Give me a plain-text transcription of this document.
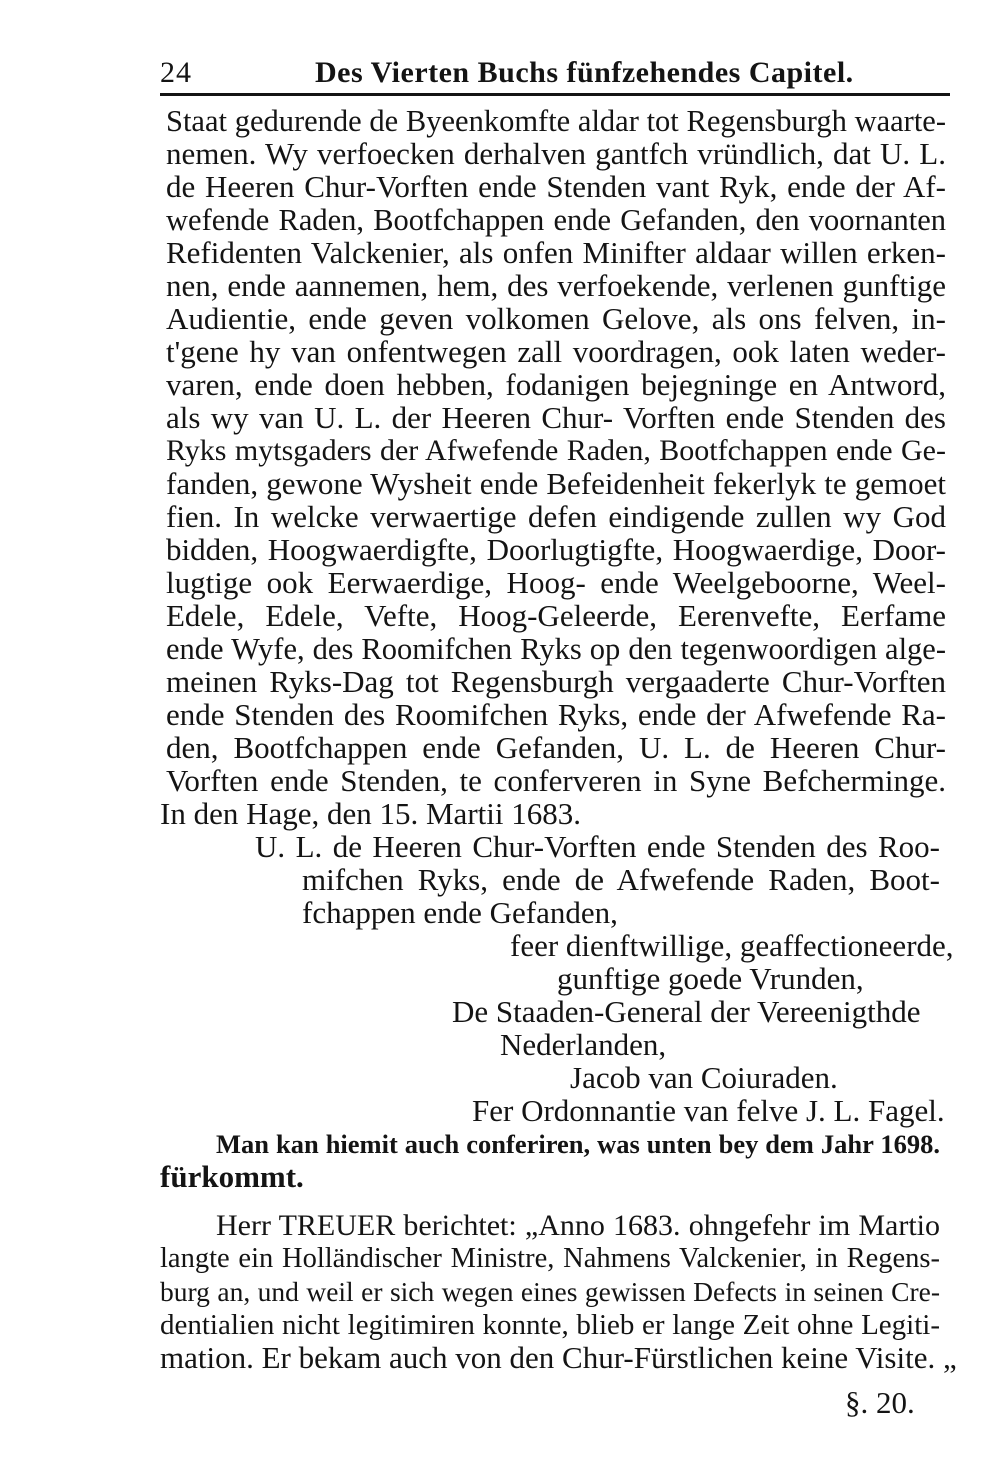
24	Des Vierten Buchs fünfzehendes Capitel.
Staat gedurende de Byeenkomfte aldar tot Regensburgh waarte-
nemen. Wy verfoecken derhalven gantfch vründlich, dat U. L.
de Heeren Chur-Vorften ende Stenden vant Ryk, ende der Af-
wefende Raden, Bootfchappen ende Gefanden, den voornanten
Refidenten Valckenier, als onfen Minifter aldaar willen erken-
nen, ende aannemen, hem, des verfoekende, verlenen gunftige
Audientie, ende geven volkomen Gelove, als ons felven, in-
t'gene hy van onfentwegen zall voordragen, ook laten weder-
varen, ende doen hebben, fodanigen bejegninge en Antword,
als wy van U. L. der Heeren Chur- Vorften ende Stenden des
Ryks mytsgaders der Afwefende Raden, Bootfchappen ende Ge-
fanden, gewone Wysheit ende Befeidenheit fekerlyk te gemoet
fien. In welcke verwaertige defen eindigende zullen wy God
bidden, Hoogwaerdigfte, Doorlugtigfte, Hoogwaerdige, Door-
lugtige ook Eerwaerdige, Hoog- ende Weelgeboorne, Weel-
Edele, Edele, Vefte, Hoog-Geleerde, Eerenvefte, Eerfame
ende Wyfe, des Roomifchen Ryks op den tegenwoordigen alge-
meinen Ryks-Dag tot Regensburgh vergaaderte Chur-Vorften
ende Stenden des Roomifchen Ryks, ende der Afwefende Ra-
den, Bootfchappen ende Gefanden, U. L. de Heeren Chur-
Vorften ende Stenden, te conferveren in Syne Befcherminge.
In den Hage, den 15. Martii 1683.
U. L. de Heeren Chur-Vorften ende Stenden des Roo-
mifchen Ryks, ende de Afwefende Raden, Boot-
fchappen ende Gefanden,
feer dienftwillige, geaffectioneerde,
gunftige goede Vrunden,
De Staaden-General der Vereenigthde
Nederlanden,
Jacob van Coiuraden.
Fer Ordonnantie van felve J. L. Fagel.
Man kan hiemit auch conferiren, was unten bey dem Jahr 1698.
fürkommt.
Herr TREUER berichtet: „Anno 1683. ohngefehr im Martio
langte ein Holländischer Ministre, Nahmens Valckenier, in Regens-
burg an, und weil er sich wegen eines gewissen Defects in seinen Cre-
dentialien nicht legitimiren konnte, blieb er lange Zeit ohne Legiti-
mation. Er bekam auch von den Chur-Fürstlichen keine Visite. „
§. 20.
